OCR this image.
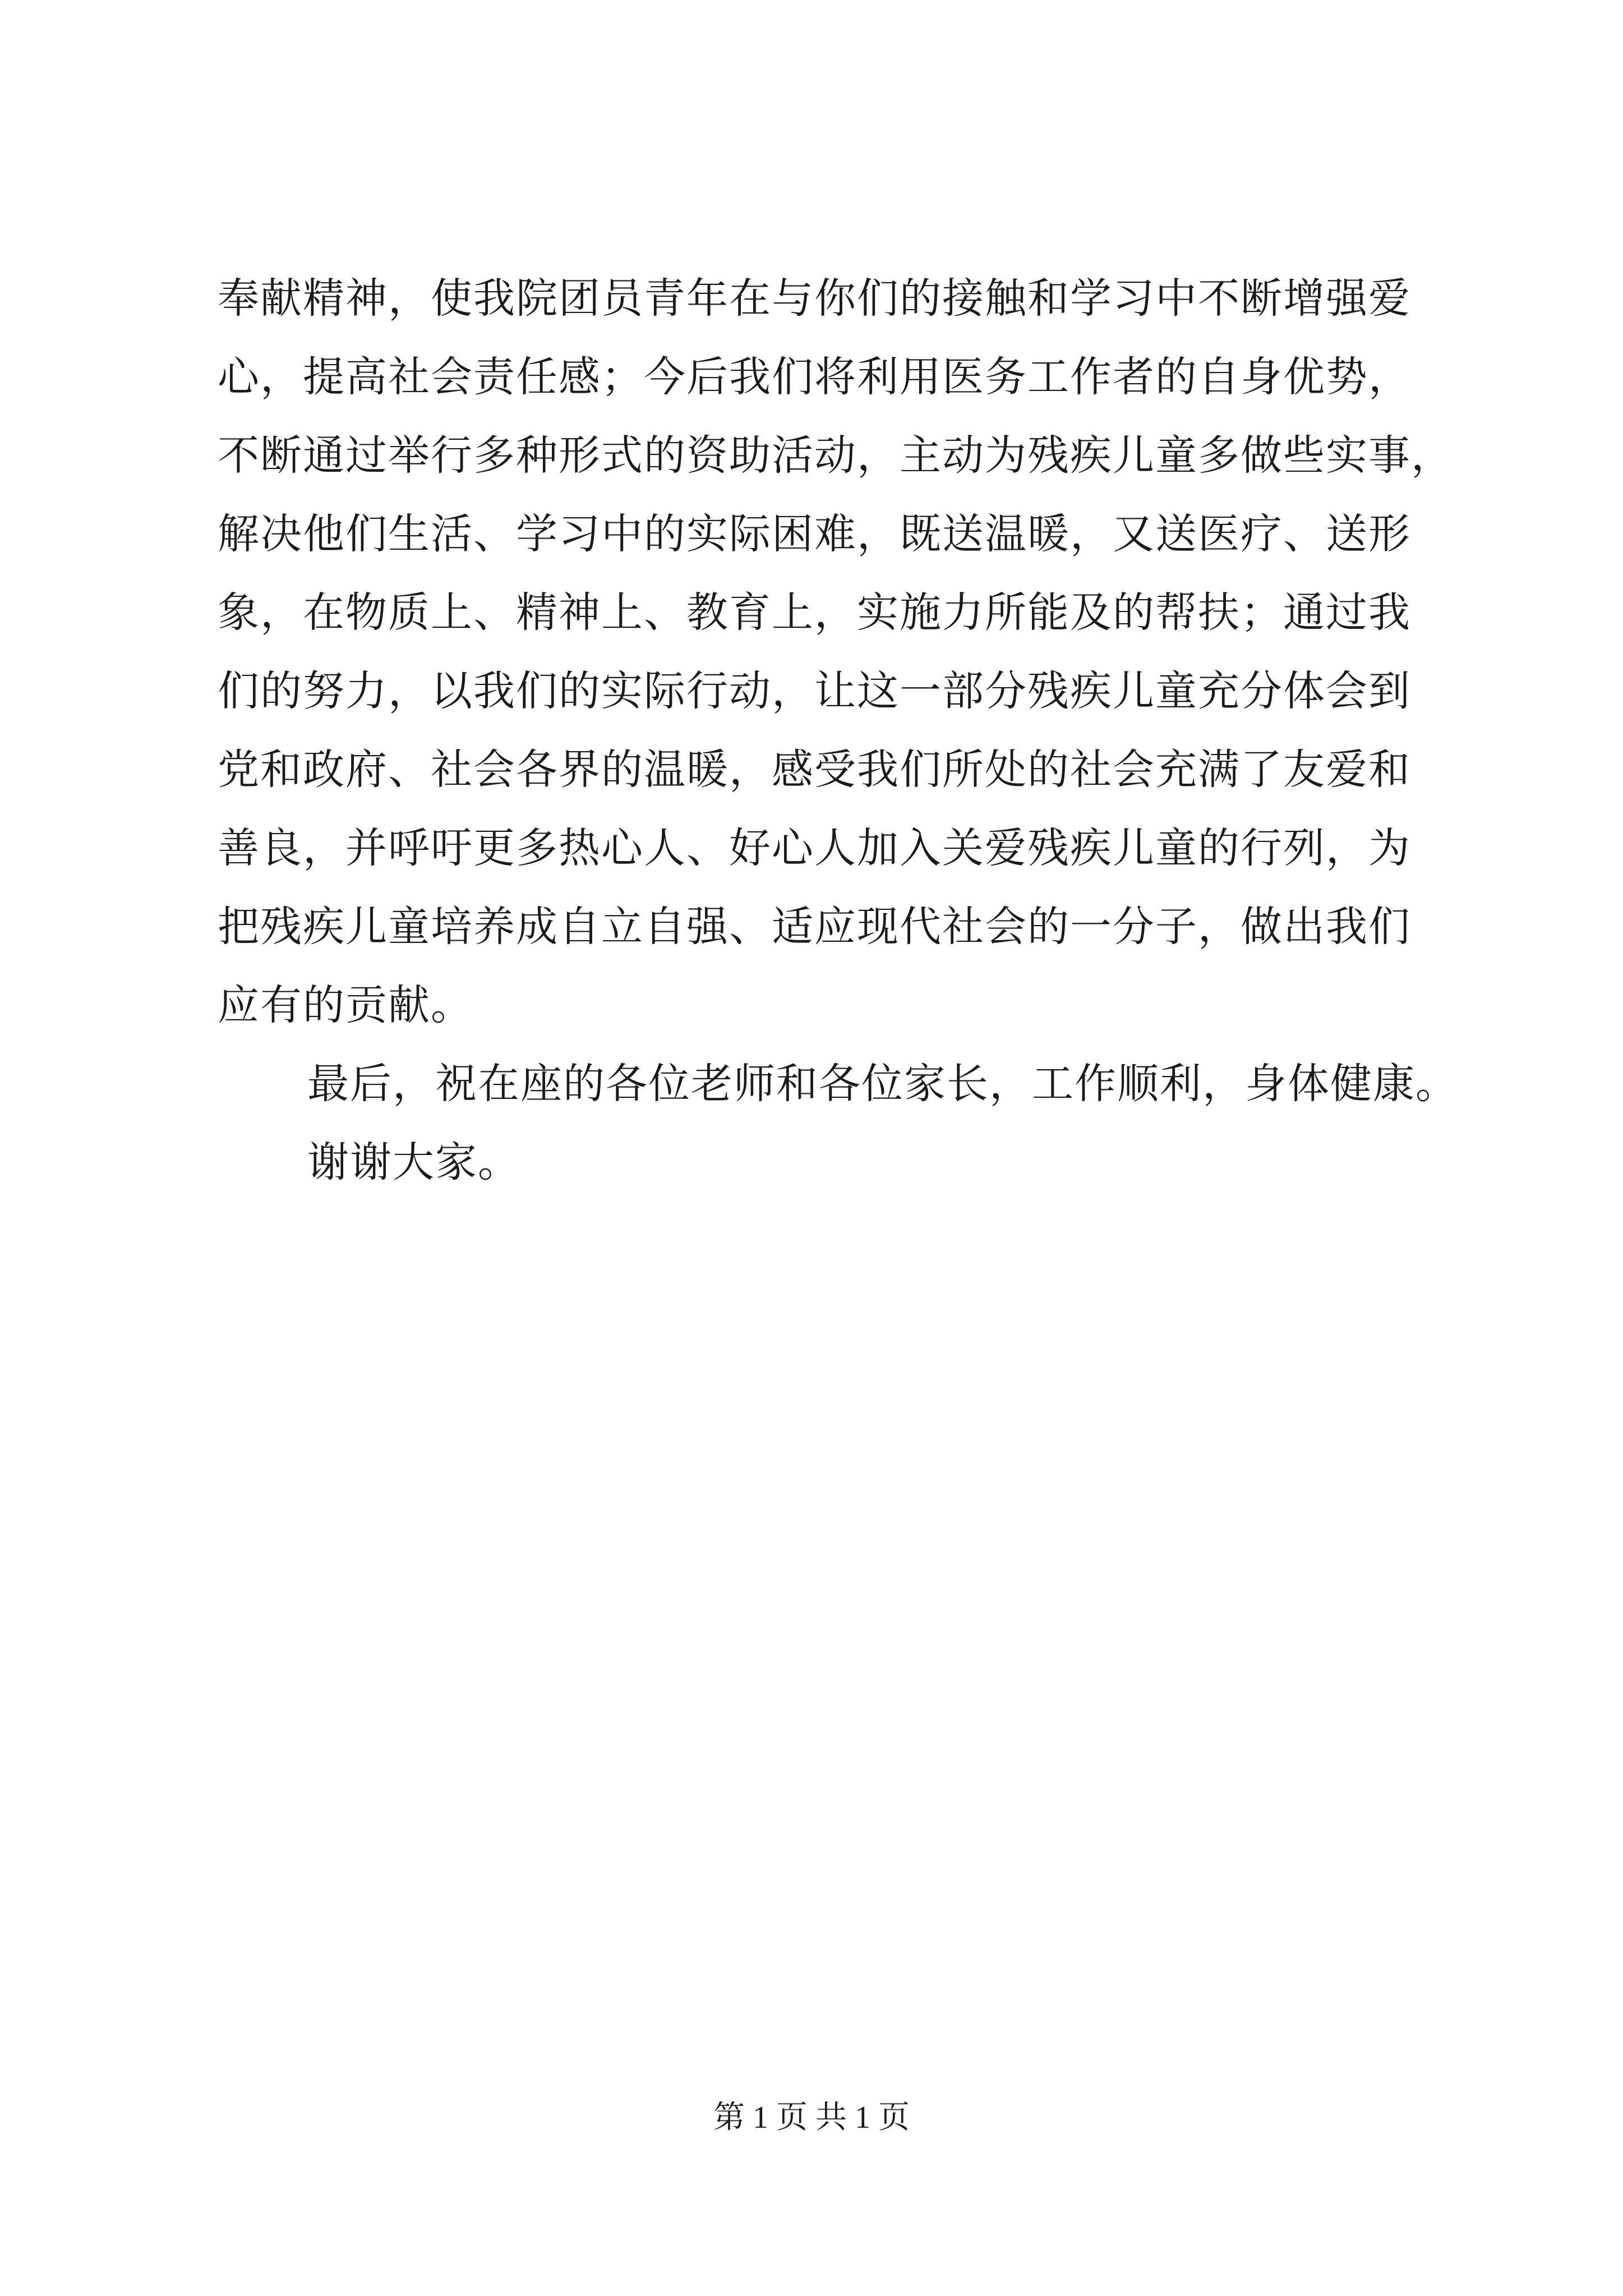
奉献精神，使我院团员青年在与你们的接触和学习中不断增强爱
心，提高社会责任感；今后我们将利用医务工作者的自身优势，
不断通过举行多种形式的资助活动，主动为残疾儿童多做些实事，
解决他们生活、学习中的实际困难，既送温暖，又送医疗、送形
象，在物质上、精神上、教育上，实施力所能及的帮扶；通过我
们的努力，以我们的实际行动，让这一部分残疾儿童充分体会到
党和政府、社会各界的温暖，感受我们所处的社会充满了友爱和
善良，并呼吁更多热心人、好心人加入关爱残疾儿童的行列，为
把残疾儿童培养成自立自强、适应现代社会的一分子，做出我们
应有的贡献。
最后，祝在座的各位老师和各位家长，工作顺利，身体健康。
谢谢大家。
第 1 页 共 1 页
